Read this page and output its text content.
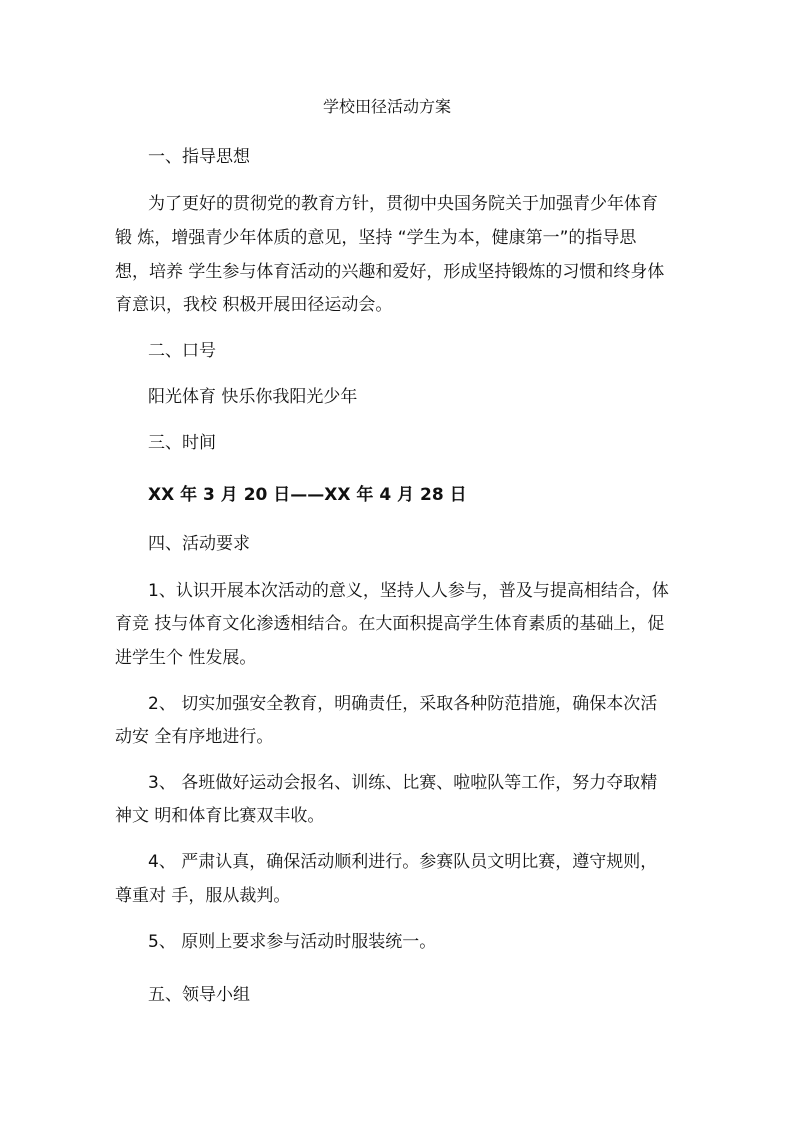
学校田径活动方案
一、指导思想
为了更好的贯彻党的教育方针，贯彻中央国务院关于加强青少年体育
锻 炼，增强青少年体质的意见，坚持 “学生为本，健康第一”的指导思
想，培养 学生参与体育活动的兴趣和爱好，形成坚持锻炼的习惯和终身体
育意识，我校 积极开展田径运动会。
二、口号
阳光体育 快乐你我阳光少年
三、时间
XX 年 3 月 20 日——XX 年 4 月 28 日
四、活动要求
1、认识开展本次活动的意义，坚持人人参与，普及与提高相结合，体
育竞 技与体育文化渗透相结合。在大面积提高学生体育素质的基础上，促
进学生个 性发展。
2、 切实加强安全教育，明确责任，采取各种防范措施，确保本次活
动安 全有序地进行。
3、 各班做好运动会报名、训练、比赛、啦啦队等工作，努力夺取精
神文 明和体育比赛双丰收。
4、 严肃认真，确保活动顺利进行。参赛队员文明比赛，遵守规则，
尊重对 手，服从裁判。
5、 原则上要求参与活动时服装统一。
五、领导小组
